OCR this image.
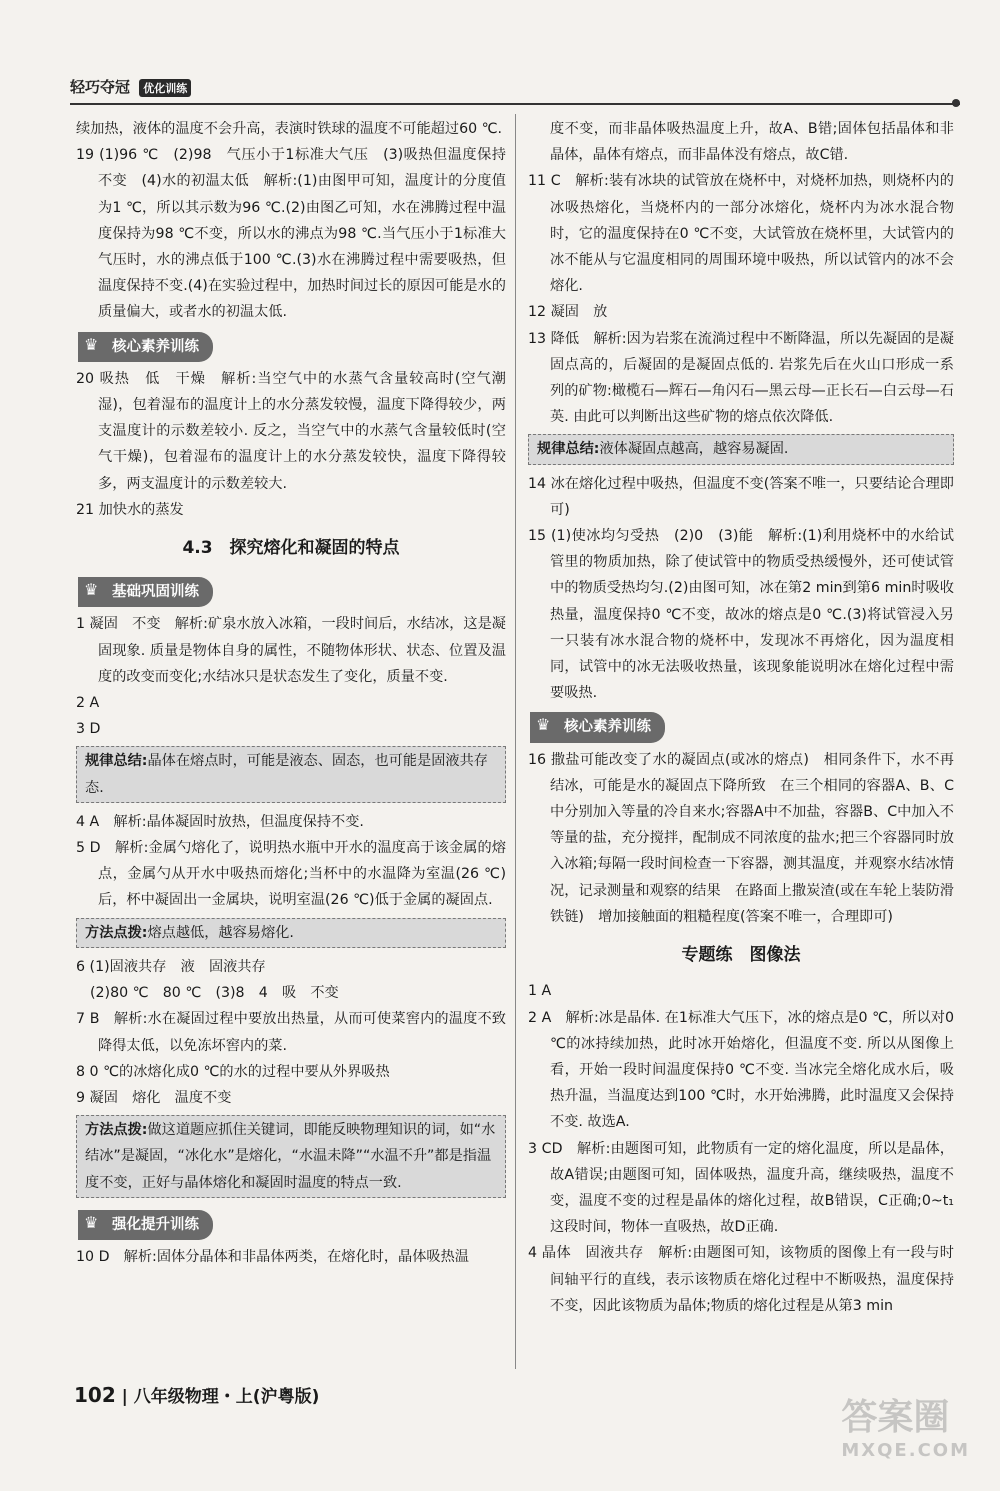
轻巧夺冠 优化训练

续加热，液体的温度不会升高，表演时铁球的温度不可能超过60 ℃.

19 (1)96 ℃　(2)98　气压小于1标准大气压　(3)吸热但温度保持不变　(4)水的初温太低　解析:(1)由图甲可知，温度计的分度值为1 ℃，所以其示数为96 ℃.(2)由图乙可知，水在沸腾过程中温度保持为98 ℃不变，所以水的沸点为98 ℃.当气压小于1标准大气压时，水的沸点低于100 ℃.(3)水在沸腾过程中需要吸热，但温度保持不变.(4)在实验过程中，加热时间过长的原因可能是水的质量偏大，或者水的初温太低.

♛ 核心素养训练

20 吸热　低　干燥　解析:当空气中的水蒸气含量较高时(空气潮湿)，包着湿布的温度计上的水分蒸发较慢，温度下降得较少，两支温度计的示数差较小. 反之，当空气中的水蒸气含量较低时(空气干燥)，包着湿布的温度计上的水分蒸发较快，温度下降得较多，两支温度计的示数差较大.

21 加快水的蒸发

4.3　探究熔化和凝固的特点
♛ 基础巩固训练

1 凝固　不变　解析:矿泉水放入冰箱，一段时间后，水结冰，这是凝固现象. 质量是物体自身的属性，不随物体形状、状态、位置及温度的改变而变化;水结冰只是状态发生了变化，质量不变.

2 A

3 D

规律总结:晶体在熔点时，可能是液态、固态，也可能是固液共存态.

4 A　解析:晶体凝固时放热，但温度保持不变.

5 D　解析:金属勺熔化了，说明热水瓶中开水的温度高于该金属的熔点，金属勺从开水中吸热而熔化;当杯中的水温降为室温(26 ℃)后，杯中凝固出一金属块，说明室温(26 ℃)低于金属的凝固点.

方法点拨:熔点越低，越容易熔化.

6 (1)固液共存　液　固液共存

(2)80 ℃　80 ℃　(3)8　4　吸　不变

7 B　解析:水在凝固过程中要放出热量，从而可使菜窖内的温度不致降得太低，以免冻坏窖内的菜.

8 0 ℃的冰熔化成0 ℃的水的过程中要从外界吸热

9 凝固　熔化　温度不变

方法点拨:做这道题应抓住关键词，即能反映物理知识的词，如“水结冰”是凝固，“冰化水”是熔化，“水温未降”“水温不升”都是指温度不变，正好与晶体熔化和凝固时温度的特点一致.
♛ 强化提升训练

10 D　解析:固体分晶体和非晶体两类，在熔化时，晶体吸热温

度不变，而非晶体吸热温度上升，故A、B错;固体包括晶体和非晶体，晶体有熔点，而非晶体没有熔点，故C错.

11 C　解析:装有冰块的试管放在烧杯中，对烧杯加热，则烧杯内的冰吸热熔化，当烧杯内的一部分冰熔化，烧杯内为冰水混合物时，它的温度保持在0 ℃不变，大试管放在烧杯里，大试管内的冰不能从与它温度相同的周围环境中吸热，所以试管内的冰不会熔化.

12 凝固　放

13 降低　解析:因为岩浆在流淌过程中不断降温，所以先凝固的是凝固点高的，后凝固的是凝固点低的. 岩浆先后在火山口形成一系列的矿物:橄榄石—辉石—角闪石—黑云母—正长石—白云母—石英. 由此可以判断出这些矿物的熔点依次降低.

规律总结:液体凝固点越高，越容易凝固.

14 冰在熔化过程中吸热，但温度不变(答案不唯一，只要结论合理即可)

15 (1)使冰均匀受热　(2)0　(3)能　解析:(1)利用烧杯中的水给试管里的物质加热，除了使试管中的物质受热缓慢外，还可使试管中的物质受热均匀.(2)由图可知，冰在第2 min到第6 min时吸收热量，温度保持0 ℃不变，故冰的熔点是0 ℃.(3)将试管浸入另一只装有冰水混合物的烧杯中，发现冰不再熔化，因为温度相同，试管中的冰无法吸收热量，该现象能说明冰在熔化过程中需要吸热.

♛ 核心素养训练

16 撒盐可能改变了水的凝固点(或冰的熔点)　相同条件下，水不再结冰，可能是水的凝固点下降所致　在三个相同的容器A、B、C中分别加入等量的冷自来水;容器A中不加盐，容器B、C中加入不等量的盐，充分搅拌，配制成不同浓度的盐水;把三个容器同时放入冰箱;每隔一段时间检查一下容器，测其温度，并观察水结冰情况，记录测量和观察的结果　在路面上撒炭渣(或在车轮上装防滑铁链)　增加接触面的粗糙程度(答案不唯一，合理即可)

专题练　图像法

1 A

2 A　解析:冰是晶体. 在1标准大气压下，冰的熔点是0 ℃，所以对0 ℃的冰持续加热，此时冰开始熔化，但温度不变. 所以从图像上看，开始一段时间温度保持0 ℃不变. 当冰完全熔化成水后，吸热升温，当温度达到100 ℃时，水开始沸腾，此时温度又会保持不变. 故选A.

3 CD　解析:由题图可知，此物质有一定的熔化温度，所以是晶体，故A错误;由题图可知，固体吸热，温度升高，继续吸热，温度不变，温度不变的过程是晶体的熔化过程，故B错误，C正确;0~t₁这段时间，物体一直吸热，故D正确.

4 晶体　固液共存　解析:由题图可知，该物质的图像上有一段与时间轴平行的直线，表示该物质在熔化过程中不断吸热，温度保持不变，因此该物质为晶体;物质的熔化过程是从第3 min

102 | 八年级物理・上(沪粤版)	答案圈
MXQE.COM
